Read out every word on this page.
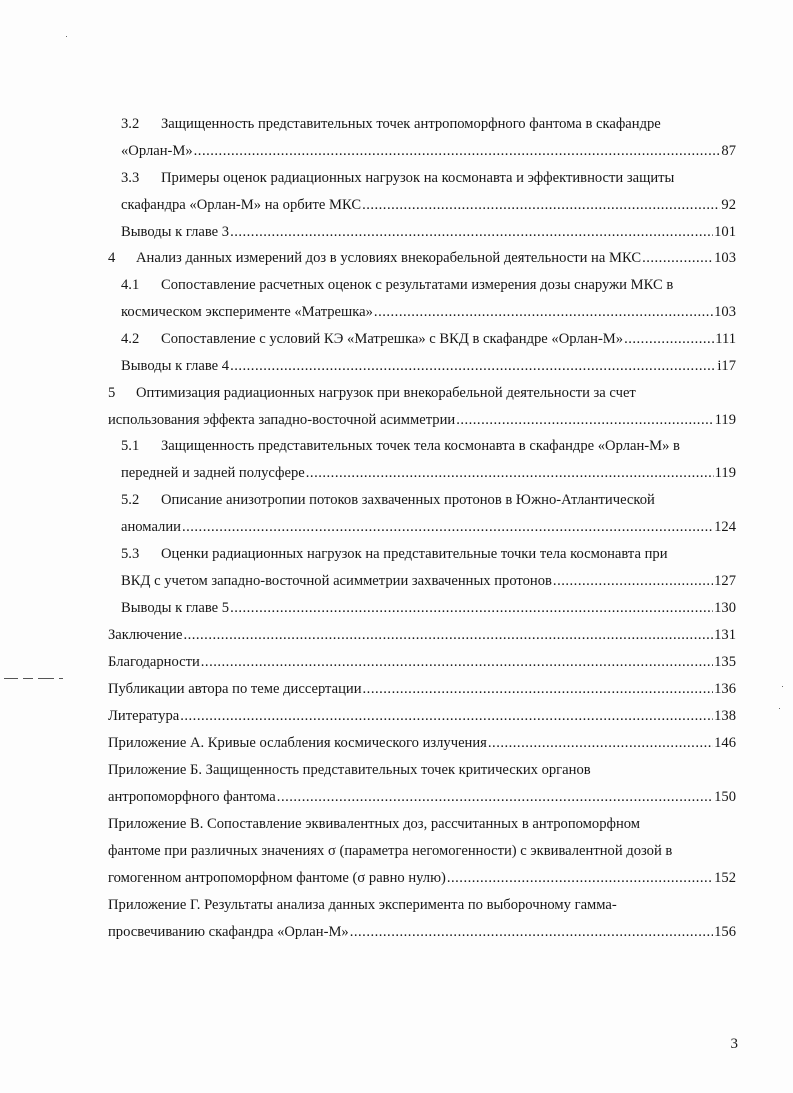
3.2 Защищенность представительных точек антропоморфного фантома в скафандре
«Орлан-М» .....	87
3.3 Примеры оценок радиационных нагрузок на космонавта и эффективности защиты
скафандра «Орлан-М» на орбите МКС .....	92
Выводы к главе 3 .....	101
4 Анализ данных измерений доз в условиях внекорабельной деятельности на МКС .....	103
4.1 Сопоставление расчетных оценок с результатами измерения дозы снаружи МКС в
космическом эксперименте «Матрешка» .....	103
4.2 Сопоставление с условий КЭ «Матрешка» с ВКД в скафандре «Орлан-М» .....	111
Выводы к главе 4 .....	i17
5 Оптимизация радиационных нагрузок при внекорабельной деятельности за счет
использования эффекта западно-восточной асимметрии .....	119
5.1 Защищенность представительных точек тела космонавта в скафандре «Орлан-М» в
передней и задней полусфере .....	119
5.2 Описание анизотропии потоков захваченных протонов в Южно-Атлантической
аномалии .....	124
5.3 Оценки радиационных нагрузок на представительные точки тела космонавта при
ВКД с учетом западно-восточной асимметрии захваченных протонов .....	127
Выводы к главе 5 .....	130
Заключение .....	131
Благодарности .....	135
Публикации автора по теме диссертации .....	136
Литература .....	138
Приложение А. Кривые ослабления космического излучения .....	146
Приложение Б. Защищенность представительных точек критических органов
антропоморфного фантома .....	150
Приложение В. Сопоставление эквивалентных доз, рассчитанных в антропоморфном
фантоме при различных значениях σ (параметра негомогенности) с эквивалентной дозой в
гомогенном антропоморфном фантоме (σ равно нулю) .....	152
Приложение Г. Результаты анализа данных эксперимента по выборочному гамма-
просвечиванию скафандра «Орлан-М» .....	156
3
